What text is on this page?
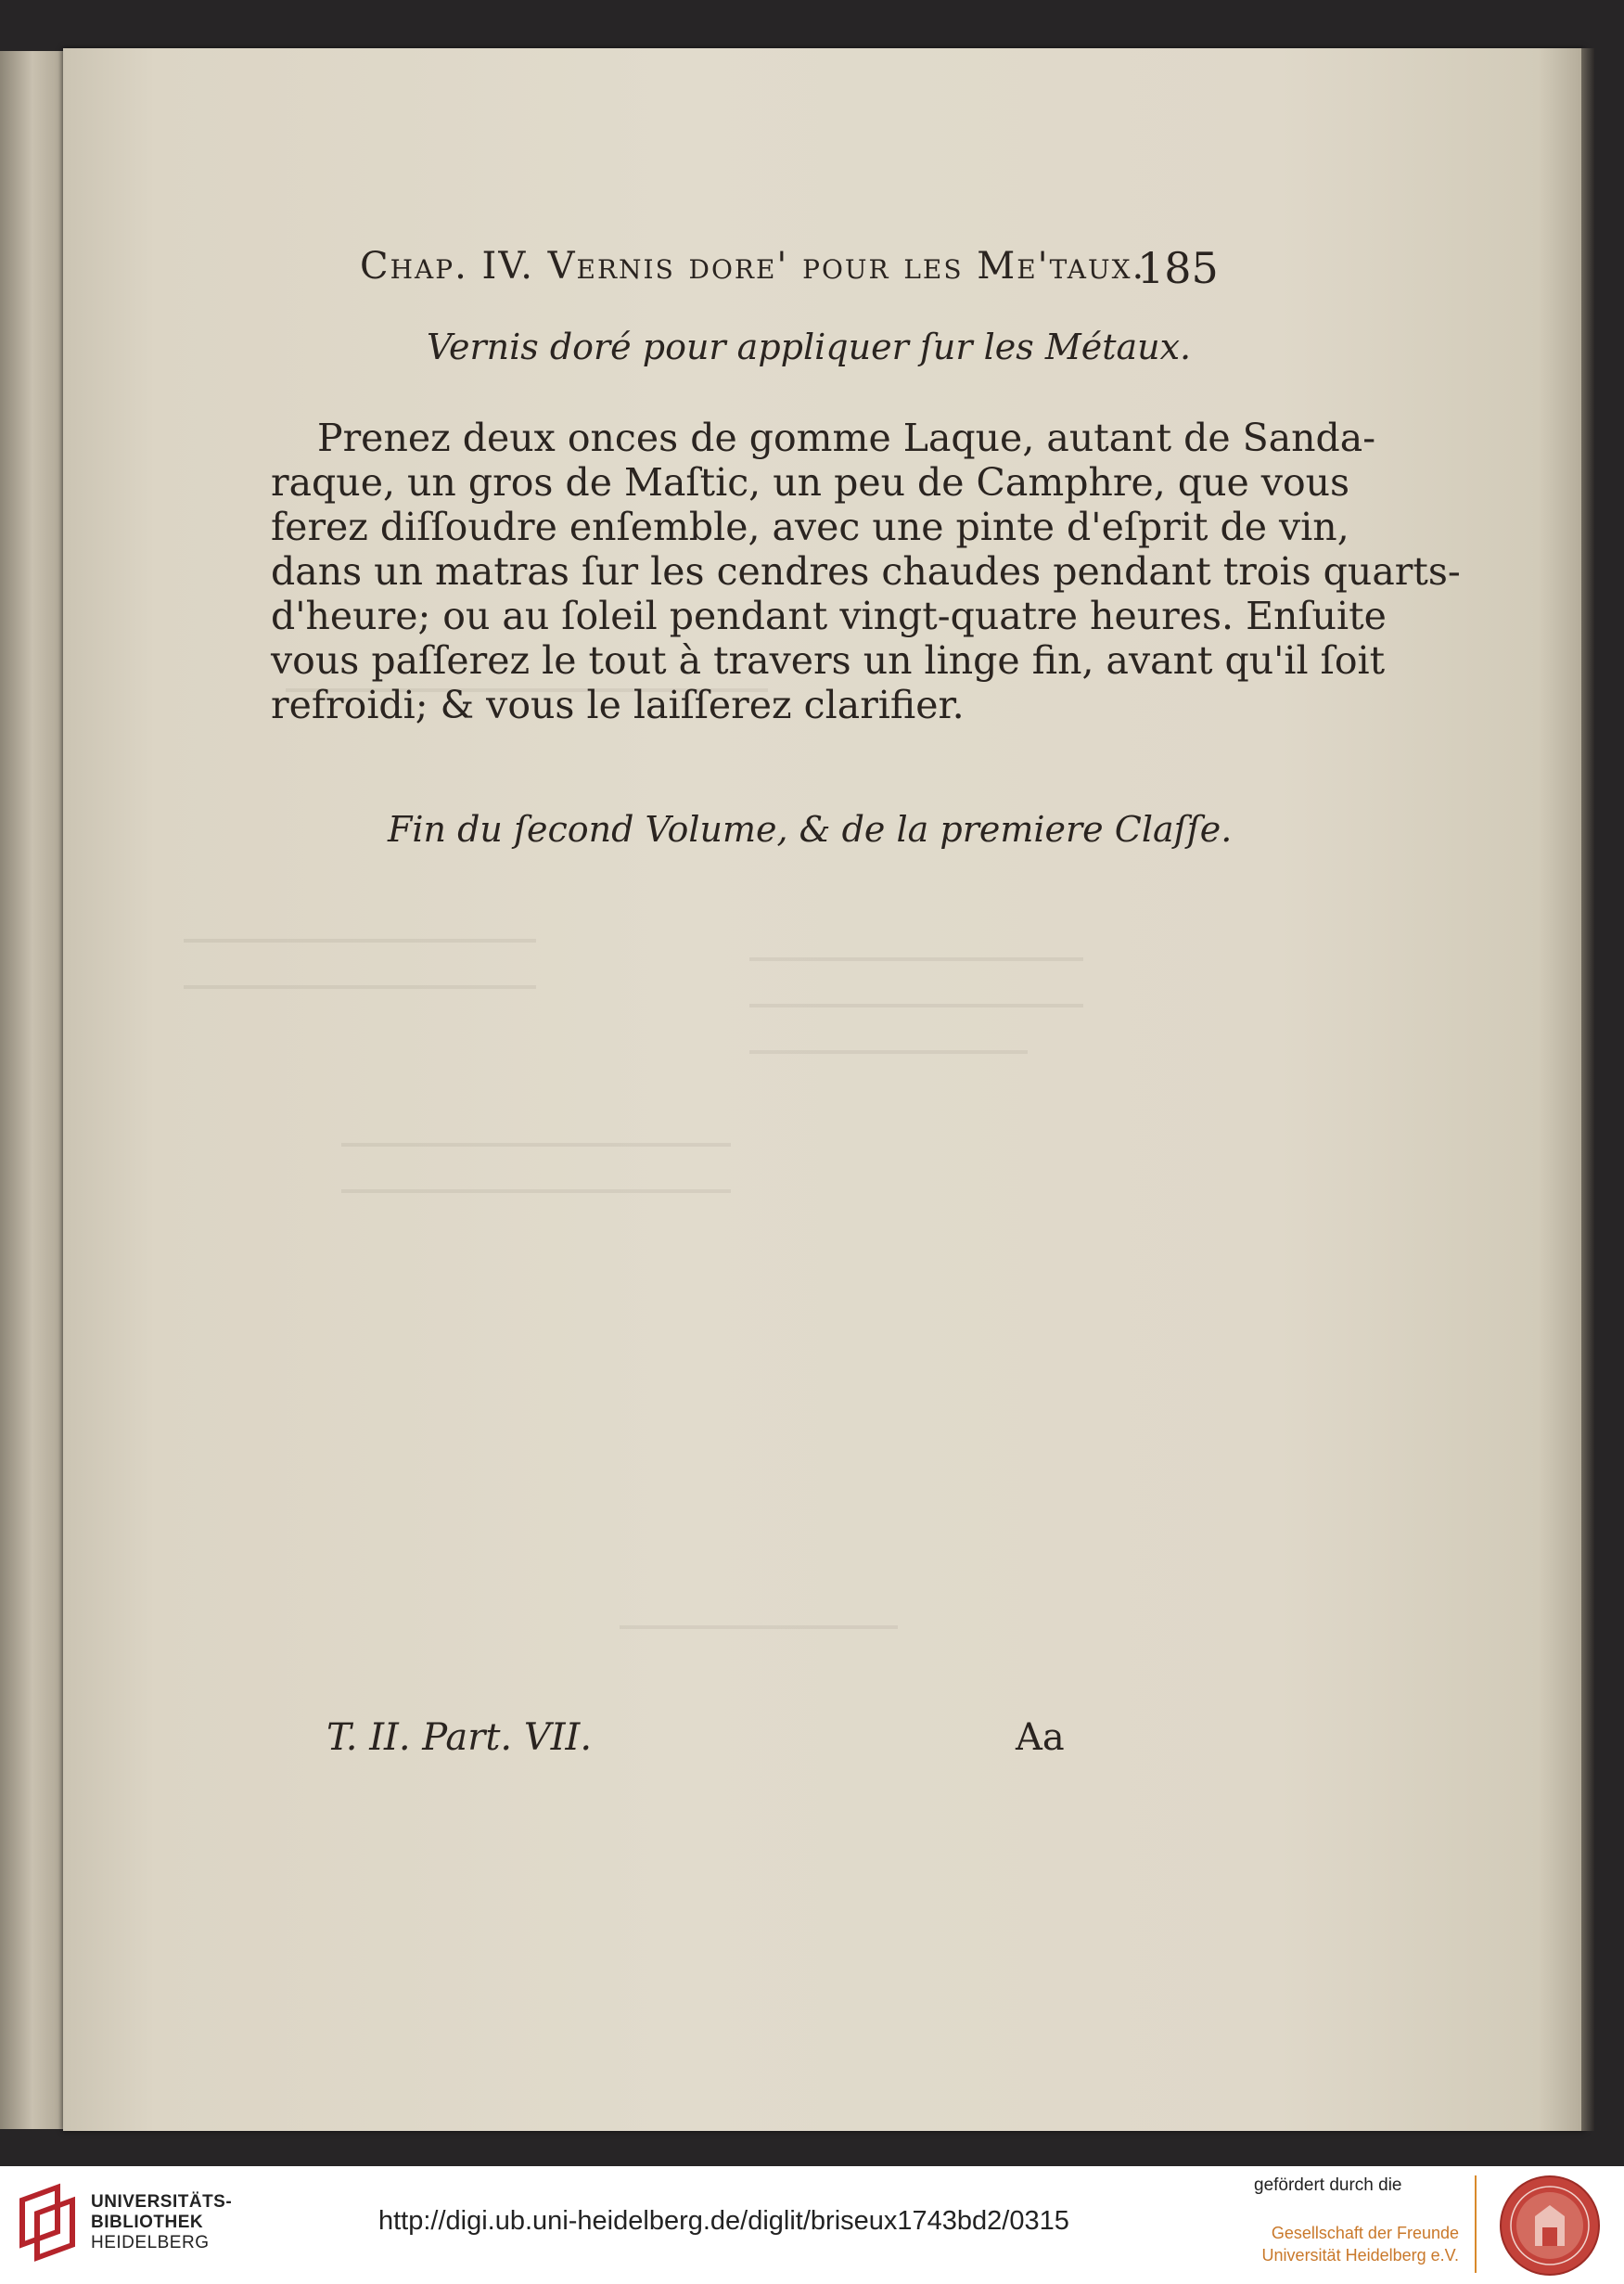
Chap. IV. Vernis dore' pour les Me'taux.
185
Vernis doré pour appliquer ſur les Métaux.
Prenez deux onces de gomme Laque, autant de Sanda-
raque, un gros de Maſtic, un peu de Camphre, que vous
ferez diſſoudre enſemble, avec une pinte d'eſprit de vin,
dans un matras ſur les cendres chaudes pendant trois quarts-
d'heure; ou au ſoleil pendant vingt-quatre heures. Enſuite
vous paſſerez le tout à travers un linge fin, avant qu'il ſoit
refroidi; & vous le laiſſerez clarifier.
Fin du ſecond Volume, & de la premiere Claſſe.
T. II. Part. VII.	Aa
UNIVERSITÄTS-
BIBLIOTHEK
HEIDELBERG
http://digi.ub.uni-heidelberg.de/diglit/briseux1743bd2/0315
gefördert durch die
Gesellschaft der Freunde
Universität Heidelberg e.V.
